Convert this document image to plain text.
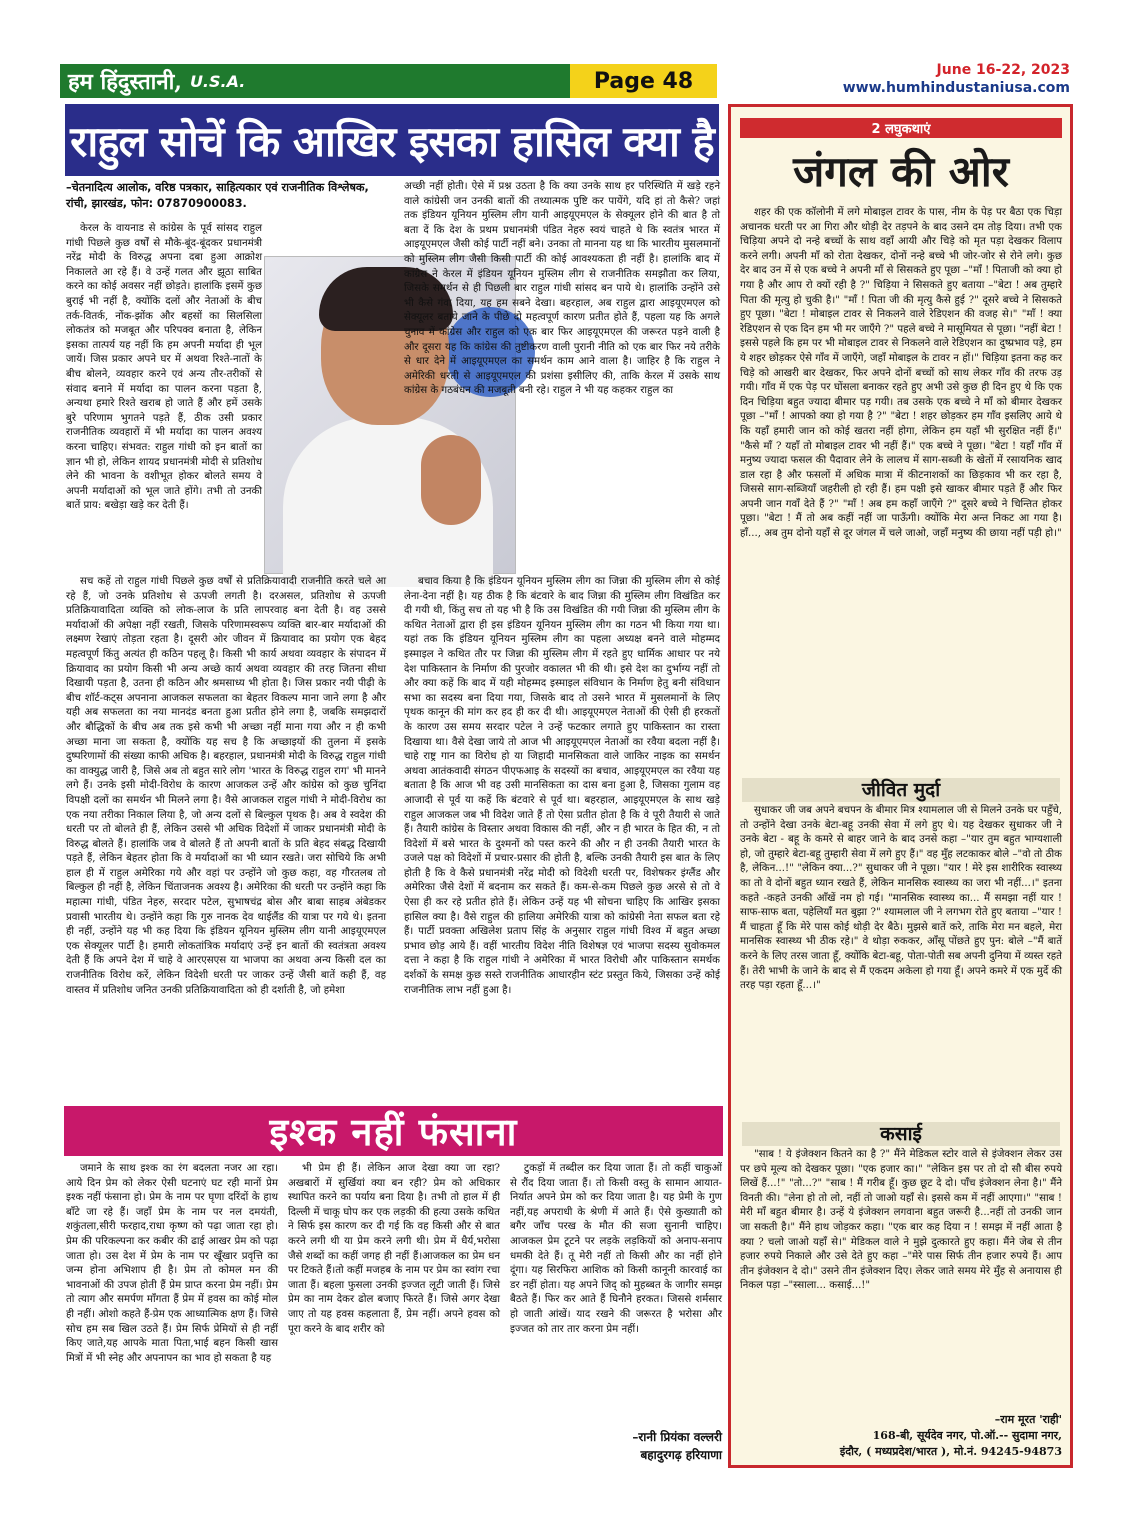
हम हिंदुस्तानी, U.S.A.	Page 48	June 16-22, 2023
www.humhindustaniusa.com
राहुल सोचें कि आखिर इसका हासिल क्या है
–चेतनादित्य आलोक, वरिष्ठ पत्रकार, साहित्यकार एवं राजनीतिक विश्लेषक, रांची, झारखंड, फोन: 07870900083.

केरल के वायनाड से कांग्रेस के पूर्व सांसद राहुल गांधी पिछले कुछ वर्षों से मौके-बूंद-बूंदकर प्रधानमंत्री नरेंद्र मोदी के विरुद्ध अपना दबा हुआ आक्रोश निकालते आ रहे हैं। वे उन्हें गलत और झूठा साबित करने का कोई अवसर नहीं छोड़ते। हालांकि इसमें कुछ बुराई भी नहीं है, क्योंकि दलों और नेताओं के बीच तर्क-वितर्क, नोंक-झोंक और बहसों का सिलसिला लोकतंत्र को मजबूत और परिपक्व बनाता है, लेकिन इसका तात्पर्य यह नहीं कि हम अपनी मर्यादा ही भूल जायें। जिस प्रकार अपने घर में अथवा रिश्ते-नातों के बीच बोलने, व्यवहार करने एवं अन्य तौर-तरीकों से संवाद बनाने में मर्यादा का पालन करना पड़ता है, अन्यथा हमारे रिश्ते खराब हो जाते हैं और हमें उसके बुरे परिणाम भुगतने पड़ते हैं, ठीक उसी प्रकार राजनीतिक व्यवहारों में भी मर्यादा का पालन अवश्य करना चाहिए। संभवत: राहुल गांधी को इन बातों का ज्ञान भी हो, लेकिन शायद प्रधानमंत्री मोदी से प्रतिशोध लेने की भावना के वशीभूत होकर बोलते समय वे अपनी मर्यादाओं को भूल जाते होंगे। तभी तो उनकी बातें प्राय: बखेड़ा खड़े कर देती हैं।

सच कहें तो राहुल गांधी पिछले कुछ वर्षों से प्रतिक्रियावादी राजनीति करते चले आ रहे हैं, जो उनके प्रतिशोध से ऊपजी लगती है। दरअसल, प्रतिशोध से ऊपजी प्रतिक्रियावादिता व्यक्ति को लोक-लाज के प्रति लापरवाह बना देती है। वह उससे मर्यादाओं की अपेक्षा नहीं रखती, जिसके परिणामस्वरूप व्यक्ति बार-बार मर्यादाओं की लक्ष्मण रेखाएं तोड़ता रहता है। दूसरी ओर जीवन में क्रियावाद का प्रयोग एक बेहद महत्वपूर्ण किंतु अत्यंत ही कठिन पहलू है। किसी भी कार्य अथवा व्यवहार के संपादन में क्रियावाद का प्रयोग किसी भी अन्य अच्छे कार्य अथवा व्यवहार की तरह जितना सीधा दिखायी पड़ता है, उतना ही कठिन और श्रमसाध्य भी होता है। जिस प्रकार नयी पीढ़ी के बीच शॉर्ट-कट्स अपनाना आजकल सफलता का बेहतर विकल्प माना जाने लगा है और यही अब सफलता का नया मानदंड बनता हुआ प्रतीत होने लगा है, जबकि समझदारों और बौद्धिकों के बीच अब तक इसे कभी भी अच्छा नहीं माना गया और न ही कभी अच्छा माना जा सकता है, क्योंकि यह सच है कि अच्छाइयों की तुलना में इसके दुष्परिणामों की संख्या काफी अधिक है। बहरहाल, प्रधानमंत्री मोदी के विरुद्ध राहुल गांधी का वाक्युद्ध जारी है, जिसे अब तो बहुत सारे लोग 'भारत के विरुद्ध राहुल राग' भी मानने लगे हैं। उनके इसी मोदी-विरोध के कारण आजकल उन्हें और कांग्रेस को कुछ चुनिंदा विपक्षी दलों का समर्थन भी मिलने लगा है। वैसे आजकल राहुल गांधी ने मोदी-विरोध का एक नया तरीका निकाल लिया है, जो अन्य दलों से बिल्कुल पृथक है। अब वे स्वदेश की धरती पर तो बोलते ही हैं, लेकिन उससे भी अधिक विदेशों में जाकर प्रधानमंत्री मोदी के विरुद्ध बोलते हैं। हालांकि जब वे बोलते हैं तो अपनी बातों के प्रति बेहद संबद्ध दिखायी पड़ते हैं, लेकिन बेहतर होता कि वे मर्यादाओं का भी ध्यान रखते। जरा सोचिये कि अभी हाल ही में राहुल अमेरिका गये और वहां पर उन्होंने जो कुछ कहा, वह गौरतलब तो बिल्कुल ही नहीं है, लेकिन चिंताजनक अवश्य है। अमेरिका की धरती पर उन्होंने कहा कि महात्मा गांधी, पंडित नेहरु, सरदार पटेल, सुभाषचंद्र बोस और बाबा साहब अंबेडकर प्रवासी भारतीय थे। उन्होंने कहा कि गुरु नानक देव थाईलैंड की यात्रा पर गये थे। इतना ही नहीं, उन्होंने यह भी कह दिया कि इंडियन यूनियन मुस्लिम लीग यानी आइयूएमएल एक सेक्यूलर पार्टी है। हमारी लोकतांत्रिक मर्यादाएं उन्हें इन बातों की स्वतंत्रता अवश्य देती हैं कि अपने देश में चाहे वे आरएसएस या भाजपा का अथवा अन्य किसी दल का राजनीतिक विरोध करें, लेकिन विदेशी धरती पर जाकर उन्हें जैसी बातें कही हैं, वह वास्तव में प्रतिशोध जनित उनकी प्रतिक्रियावादिता को ही दर्शाती है, जो हमेशा

अच्छी नहीं होती। ऐसे में प्रश्न उठता है कि क्या उनके साथ हर परिस्थिति में खड़े रहने वाले कांग्रेसी जन उनकी बातों की तथ्यात्मक पुष्टि कर पायेंगे, यदि हां तो कैसे? जहां तक इंडियन यूनियन मुस्लिम लीग यानी आइयूएमएल के सेक्यूलर होने की बात है तो बता दें कि देश के प्रथम प्रधानमंत्री पंडित नेहरु स्वयं चाहते थे कि स्वतंत्र भारत में आइयूएमएल जैसी कोई पार्टी नहीं बने। उनका तो मानना यह था कि भारतीय मुसलमानों को मुस्लिम लीग जैसी किसी पार्टी की कोई आवश्यकता ही नहीं है। हालांकि बाद में कांग्रेस ने केरल में इंडियन यूनियन मुस्लिम लीग से राजनीतिक समझौता कर लिया, जिसके समर्थन से ही पिछली बार राहुल गांधी सांसद बन पाये थे। हालांकि उन्होंने उसे भी कैसे गंवा दिया, यह हम सबने देखा। बहरहाल, अब राहुल द्वारा आइयूएमएल को सेक्यूलर बताये जाने के पीछे दो महत्वपूर्ण कारण प्रतीत होते हैं, पहला यह कि अगले चुनाव में कांग्रेस और राहुल को एक बार फिर आइयूएमएल की जरूरत पड़ने वाली है और दूसरा यह कि कांग्रेस की तुष्टीकरण वाली पुरानी नीति को एक बार फिर नये तरीके से धार देने में आइयूएमएल का समर्थन काम आने वाला है। जाहिर है कि राहुल ने अमेरिकी धरती से आइयूएमएल की प्रशंसा इसीलिए की, ताकि केरल में उसके साथ कांग्रेस के गठबंधन की मजबूती बनी रहे। राहुल ने भी यह कहकर राहुल का

बचाव किया है कि इंडियन यूनियन मुस्लिम लीग का जिन्ना की मुस्लिम लीग से कोई लेना-देना नहीं है। यह ठीक है कि बंटवारे के बाद जिन्ना की मुस्लिम लीग विखंडित कर दी गयी थी, किंतु सच तो यह भी है कि उस विखंडित की गयी जिन्ना की मुस्लिम लीग के कथित नेताओं द्वारा ही इस इंडियन यूनियन मुस्लिम लीग का गठन भी किया गया था। यहां तक कि इंडियन यूनियन मुस्लिम लीग का पहला अध्यक्ष बनने वाले मोहम्मद इस्माइल ने कथित तौर पर जिन्ना की मुस्लिम लीग में रहते हुए धार्मिक आधार पर नये देश पाकिस्तान के निर्माण की पुरजोर वकालत भी की थी। इसे देश का दुर्भाग्य नहीं तो और क्या कहें कि बाद में यही मोहम्मद इस्माइल संविधान के निर्माण हेतु बनी संविधान सभा का सदस्य बना दिया गया, जिसके बाद तो उसने भारत में मुसलमानों के लिए पृथक कानून की मांग कर हद ही कर दी थी। आइयूएमएल नेताओं की ऐसी ही हरकतों के कारण उस समय सरदार पटेल ने उन्हें फटकार लगाते हुए पाकिस्तान का रास्ता दिखाया था। वैसे देखा जाये तो आज भी आइयूएमएल नेताओं का रवैया बदला नहीं है। चाहे राष्ट्र गान का विरोध हो या जिहादी मानसिकता वाले जाकिर नाइक का समर्थन अथवा आतंकवादी संगठन पीएफआइ के सदस्यों का बचाव, आइयूएमएल का रवैया यह बताता है कि आज भी वह उसी मानसिकता का दास बना हुआ है, जिसका गुलाम वह आजादी से पूर्व या कहें कि बंटवारे से पूर्व था। बहरहाल, आइयूएमएल के साथ खड़े राहुल आजकल जब भी विदेश जाते हैं तो ऐसा प्रतीत होता है कि वे पूरी तैयारी से जाते हैं। तैयारी कांग्रेस के विस्तार अथवा विकास की नहीं, और न ही भारत के हित की, न तो विदेशों में बसे भारत के दुश्मनों को पस्त करने की और न ही उनकी तैयारी भारत के उजले पक्ष को विदेशों में प्रचार-प्रसार की होती है, बल्कि उनकी तैयारी इस बात के लिए होती है कि वे कैसे प्रधानमंत्री नरेंद्र मोदी को विदेशी धरती पर, विशेषकर इंग्लैंड और अमेरिका जैसे देशों में बदनाम कर सकते हैं। कम-से-कम पिछले कुछ अरसे से तो वे ऐसा ही कर रहे प्रतीत होते हैं। लेकिन उन्हें यह भी सोचना चाहिए कि आखिर इसका हासिल क्या है। वैसे राहुल की हालिया अमेरिकी यात्रा को कांग्रेसी नेता सफल बता रहे हैं। पार्टी प्रवक्ता अखिलेश प्रताप सिंह के अनुसार राहुल गांधी विश्व में बहुत अच्छा प्रभाव छोड़ आये हैं। वहीं भारतीय विदेश नीति विशेषज्ञ एवं भाजपा सदस्य सुवोकमल दत्ता ने कहा है कि राहुल गांधी ने अमेरिका में भारत विरोधी और पाकिस्तान समर्थक दर्शकों के समक्ष कुछ सस्ते राजनीतिक आधारहीन स्टंट प्रस्तुत किये, जिसका उन्हें कोई राजनीतिक लाभ नहीं हुआ है।

इश्क नहीं फंसाना

जमाने के साथ इश्क का रंग बदलता नजर आ रहा। आये दिन प्रेम को लेकर ऐसी घटनाएं घट रही मानों प्रेम इश्क नहीं फंसाना हो। प्रेम के नाम पर घृणा दरिंदों के हाथ बाँटे जा रहे हैं। जहाँ प्रेम के नाम पर नल दमयंती, शकुंतला,सीरी फरहाद,राधा कृष्ण को पढ़ा जाता रहा हो। प्रेम की परिकल्पना कर कबीर की ढाई आखर प्रेम को पढ़ा जाता हो। उस देश में प्रेम के नाम पर खूँखार प्रवृत्ति का जन्म होना अभिशाप ही है। प्रेम तो कोमल मन की भावनाओं की उपज होती हैं प्रेम प्राप्त करना प्रेम नहीं। प्रेम तो त्याग और समर्पण माँगता हैं प्रेम में हवस का कोई मोल ही नहीं। ओशो कहते हैं-प्रेम एक आध्यात्मिक क्षण हैं। जिसे सोच हम सब खिल उठते हैं। प्रेम सिर्फ प्रेमियों से ही नहीं किए जाते,यह आपके माता पिता,भाई बहन किसी खास मित्रों में भी स्नेह और अपनापन का भाव हो सकता है यह

भी प्रेम ही हैं। लेकिन आज देखा क्या जा रहा? अखबारों में सुर्खियां क्या बन रही? प्रेम को अधिकार स्थापित करने का पर्याय बना दिया है। तभी तो हाल में ही दिल्ली में चाकू घोप कर एक लड़की की हत्या उसके कथित ने सिर्फ इस कारण कर दी गई कि वह किसी और से बात करने लगी थी या प्रेम करने लगी थी। प्रेम में धैर्य,भरोसा जैसे शब्दों का कहीं जगह ही नहीं हैं।आजकल का प्रेम धन पर टिकते हैं।तो कहीं मजहब के नाम पर प्रेम का स्वांग रचा जाता हैं। बहला फुसला उनकी इज्जत लूटी जाती हैं। जिसे प्रेम का नाम देकर ढोल बजाए फिरते हैं। जिसे अगर देखा जाए तो यह हवस कहलाता हैं, प्रेम नहीं। अपने हवस को पूरा करने के बाद शरीर को

टुकड़ों में तब्दील कर दिया जाता हैं। तो कहीं चाकुओं से रौंद दिया जाता हैं। तो किसी वस्तु के सामान आयात- निर्यात अपने प्रेम को कर दिया जाता है। यह प्रेमी के गुण नहीं,यह अपराधी के श्रेणी में आते हैं। ऐसे कुख्याती को बगैर जाँच परख के मौत की सजा सुनानी चाहिए। आजकल प्रेम टूटने पर लड़के लड़कियों को अनाप-सनाप धमकी देते हैं। तू मेरी नहीं तो किसी और का नहीं होने दूंगा। यह सिरफिरा आशिक को किसी कानूनी कारवाई का डर नहीं होता। यह अपने जिद् को मुहब्बत के जागीर समझ बैठते हैं। फिर कर आते हैं घिनौने हरकत। जिससे शर्मसार हो जाती आंखें। याद रखने की जरूरत है भरोसा और इज्जत को तार तार करना प्रेम नहीं।

–रानी प्रियंका वल्लरी
बहादुरगढ़ हरियाणा
2 लघुकथाएं
जंगल की ओर

शहर की एक कॉलोनी में लगे मोबाइल टावर के पास, नीम के पेड़ पर बैठा एक चिड़ा अचानक धरती पर आ गिरा और थोड़ी देर तड़पने के बाद उसने दम तोड़ दिया। तभी एक चिड़िया अपने दो नन्हे बच्चों के साथ वहाँ आयी और चिड़े को मृत पड़ा देखकर विलाप करने लगी। अपनी माँ को रोता देखकर, दोनों नन्हे बच्चे भी जोर-जोर से रोने लगे। कुछ देर बाद उन में से एक बच्चे ने अपनी माँ से सिसकते हुए पूछा –"माँ ! पिताजी को क्या हो गया है और आप रो क्यों रही है ?" चिड़िया ने सिसकते हुए बताया –"बेटा ! अब तुम्हारे पिता की मृत्यु हो चुकी है।" "माँ ! पिता जी की मृत्यु कैसे हुई ?" दूसरे बच्चे ने सिसकते हुए पूछा। "बेटा ! मोबाइल टावर से निकलने वाले रेडिएशन की वजह से।" "माँ ! क्या रेडिएशन से एक दिन हम भी मर जाएँगे ?" पहले बच्चे ने मासूमियत से पूछा। "नहीं बेटा ! इससे पहले कि हम पर भी मोबाइल टावर से निकलने वाले रेडिएशन का दुष्प्रभाव पड़े, हम ये शहर छोड़कर ऐसे गाँव में जाएँगे, जहाँ मोबाइल के टावर न हों।" चिड़िया इतना कह कर चिड़े को आखरी बार देखकर, फिर अपने दोनों बच्चों को साथ लेकर गाँव की तरफ उड़ गयी। गाँव में एक पेड़ पर घोंसला बनाकर रहते हुए अभी उसे कुछ ही दिन हुए थे कि एक दिन चिड़िया बहुत ज्यादा बीमार पड़ गयी। तब उसके एक बच्चे ने माँ को बीमार देखकर पूछा –"माँ ! आपको क्या हो गया है ?" "बेटा ! शहर छोड़कर हम गाँव इसलिए आये थे कि यहाँ हमारी जान को कोई खतरा नहीं होगा, लेकिन हम यहाँ भी सुरक्षित नहीं हैं।" "कैसे माँ ? यहाँ तो मोबाइल टावर भी नहीं हैं।" एक बच्चे ने पूछा। "बेटा ! यहाँ गाँव में मनुष्य ज्यादा फसल की पैदावार लेने के लालच में साग-सब्जी के खेतों में रसायनिक खाद डाल रहा है और फसलों में अधिक मात्रा में कीटनाशकों का छिड़काव भी कर रहा है, जिससे साग-सब्जियाँ जहरीली हो रही हैं। हम पक्षी इसे खाकर बीमार पड़ते हैं और फिर अपनी जान गवाँ देते हैं ?" "माँ ! अब हम कहाँ जाएँगे ?" दूसरे बच्चे ने चिन्तित होकर पूछा। "बेटा ! मैं तो अब कहीं नहीं जा पाऊँगी। क्योंकि मेरा अन्त निकट आ गया है। हाँ..., अब तुम दोनो यहाँ से दूर जंगल में चले जाओ, जहाँ मनुष्य की छाया नहीं पड़ी हो।"

जीवित मुर्दा

सुधाकर जी जब अपने बचपन के बीमार मित्र श्यामलाल जी से मिलने उनके घर पहुँचे, तो उन्होंने देखा उनके बेटा-बहू उनकी सेवा में लगे हुए थे। यह देखकर सुधाकर जी ने उनके बेटा - बहू के कमरे से बाहर जाने के बाद उनसे कहा –"यार तुम बहुत भाग्यशाली हो, जो तुम्हारे बेटा-बहू तुम्हारी सेवा में लगे हुए हैं।" वह मुँह लटकाकर बोले –"वो तो ठीक है, लेकिन...!" "लेकिन क्या...?" सुधाकर जी ने पूछा। "यार ! मेरे इस शारीरिक स्वास्थ्य का तो वे दोनों बहुत ध्यान रखते हैं, लेकिन मानसिक स्वास्थ्य का जरा भी नहीं...।" इतना कहते -कहते उनकी आँखें नम हो गई। "मानसिक स्वास्थ्य का... मैं समझा नहीं यार ! साफ-साफ बता, पहेलियाँ मत बुझा ?" श्यामलाल जी ने लगभग रोते हुए बताया –"यार ! मैं चाहता हूँ कि मेरे पास कोई थोड़ी देर बैठे। मुझसे बातें करे, ताकि मेरा मन बहले, मेरा मानसिक स्वास्थ्य भी ठीक रहे।" वे थोड़ा रुककर, आँसू पोंछते हुए पुन: बोले –"मैं बातें करने के लिए तरस जाता हूँ, क्योंकि बेटा-बहू, पोता-पोती सब अपनी दुनिया में व्यस्त रहते हैं। तेरी भाभी के जाने के बाद से मैं एकदम अकेला हो गया हूँ। अपने कमरे में एक मुर्दे की तरह पड़ा रहता हूँ...।"

कसाई

"साब ! ये इंजेक्शन कितने का है ?" मैंने मेडिकल स्टोर वाले से इंजेक्शन लेकर उस पर छपे मूल्य को देखकर पूछा। "एक हजार का।" "लेकिन इस पर तो दो सौ बीस रुपये लिखें हैं...!" "तो...?" "साब ! मैं गरीब हूँ। कुछ छूट दे दो। पाँच इंजेक्शन लेना है।" मैंने विनती की। "लेना हो तो लो, नहीं तो जाओ यहाँ से। इससे कम में नहीं आएगा।" "साब ! मेरी माँ बहुत बीमार है। उन्हें ये इंजेक्शन लगवाना बहुत जरूरी है...नहीं तो उनकी जान जा सकती है।" मैंने हाथ जोड़कर कहा। "एक बार कह दिया न ! समझ में नहीं आता है क्या ? चलो जाओ यहाँ से।" मेडिकल वाले ने मुझे दुत्कारते हुए कहा। मैंने जेब से तीन हजार रुपये निकाले और उसे देते हुए कहा –"मेरे पास सिर्फ तीन हजार रुपये हैं। आप तीन इंजेक्शन दे दो।" उसने तीन इंजेक्शन दिए। लेकर जाते समय मेरे मुँह से अनायास ही निकल पड़ा –"स्साला... कसाई...!"

–राम मूरत 'राही'
168-बी, सूर्यदेव नगर, पो.ऑ.-- सुदामा नगर,
इंदौर, ( मध्यप्रदेश/भारत ), मो.नं. 94245-94873
